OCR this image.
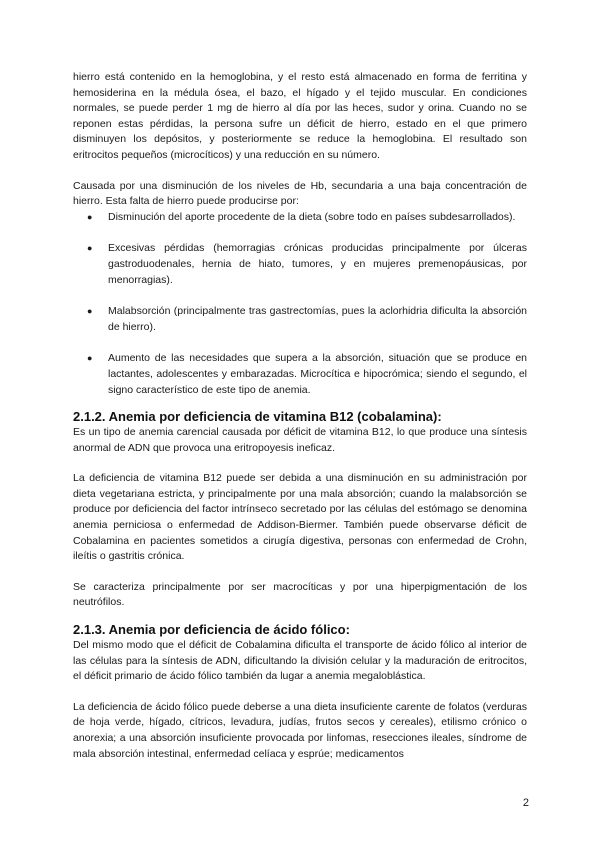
hierro está contenido en la hemoglobina, y el resto está almacenado en forma de ferritina y hemosiderina en la médula ósea, el bazo, el hígado y el tejido muscular. En condiciones normales, se puede perder 1 mg de hierro al día por las heces, sudor y orina. Cuando no se reponen estas pérdidas, la persona sufre un déficit de hierro, estado en el que primero disminuyen los depósitos, y posteriormente se reduce la hemoglobina. El resultado son eritrocitos pequeños (microcíticos) y una reducción en su número.

Causada por una disminución de los niveles de Hb, secundaria a una baja concentración de hierro. Esta falta de hierro puede producirse por:

● Disminución del aporte procedente de la dieta (sobre todo en países subdesarrollados).
● Excesivas pérdidas (hemorragias crónicas producidas principalmente por úlceras gastroduodenales, hernia de hiato, tumores, y en mujeres premenopáusicas, por menorragias).
● Malabsorción (principalmente tras gastrectomías, pues la aclorhidria dificulta la absorción de hierro).
● Aumento de las necesidades que supera a la absorción, situación que se produce en lactantes, adolescentes y embarazadas. Microcítica e hipocrómica; siendo el segundo, el signo característico de este tipo de anemia.
2.1.2. Anemia por deficiencia de vitamina B12 (cobalamina):

Es un tipo de anemia carencial causada por déficit de vitamina B12, lo que produce una síntesis anormal de ADN que provoca una eritropoyesis ineficaz.

La deficiencia de vitamina B12 puede ser debida a una disminución en su administración por dieta vegetariana estricta, y principalmente por una mala absorción; cuando la malabsorción se produce por deficiencia del factor intrínseco secretado por las células del estómago se denomina anemia perniciosa o enfermedad de Addison-Biermer. También puede observarse déficit de Cobalamina en pacientes sometidos a cirugía digestiva, personas con enfermedad de Crohn, ileítis o gastritis crónica.

Se caracteriza principalmente por ser macrocíticas y por una hiperpigmentación de los neutrófilos.

2.1.3. Anemia por deficiencia de ácido fólico:

Del mismo modo que el déficit de Cobalamina dificulta el transporte de ácido fólico al interior de las células para la síntesis de ADN, dificultando la división celular y la maduración de eritrocitos, el déficit primario de ácido fólico también da lugar a anemia megaloblástica.

La deficiencia de ácido fólico puede deberse a una dieta insuficiente carente de folatos (verduras de hoja verde, hígado, cítricos, levadura, judías, frutos secos y cereales), etilismo crónico o anorexia; a una absorción insuficiente provocada por linfomas, resecciones ileales, síndrome de mala absorción intestinal, enfermedad celíaca y esprúe; medicamentos

2
